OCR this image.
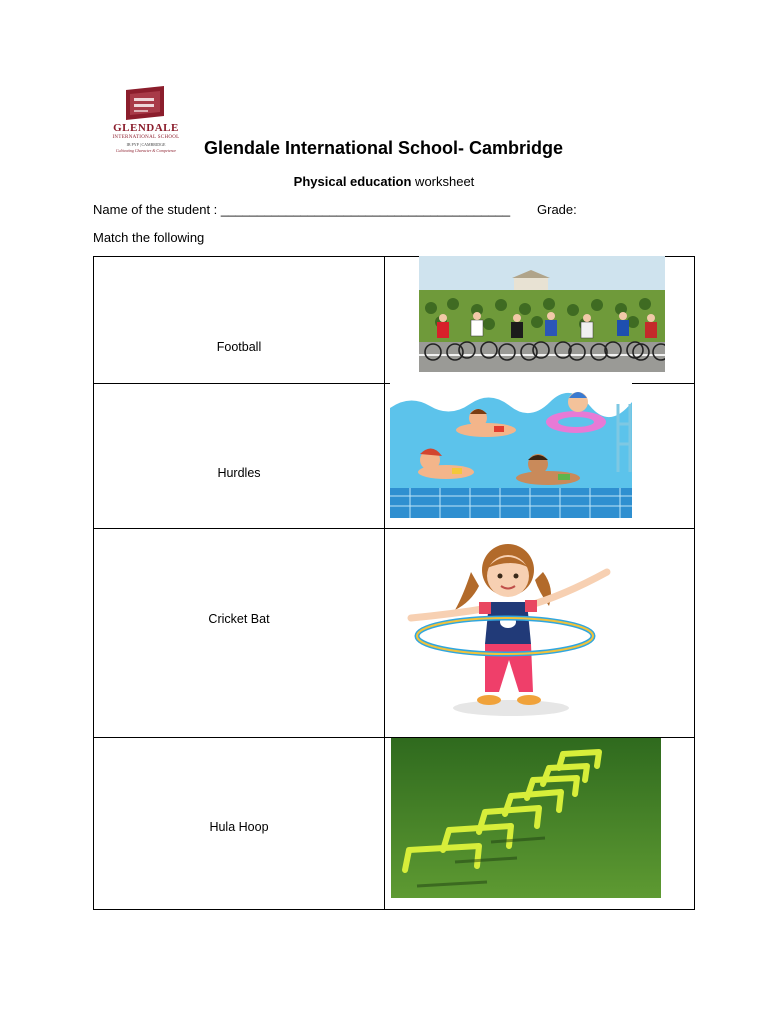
GLENDALE
INTERNATIONAL SCHOOL
IB PYP | CAMBRIDGE
Cultivating Character & Competence	Glendale International School- Cambridge
Physical education worksheet
Name of the student : ________________________________________ Grade:
Match the following
Football
Hurdles
Cricket Bat
Hula Hoop
